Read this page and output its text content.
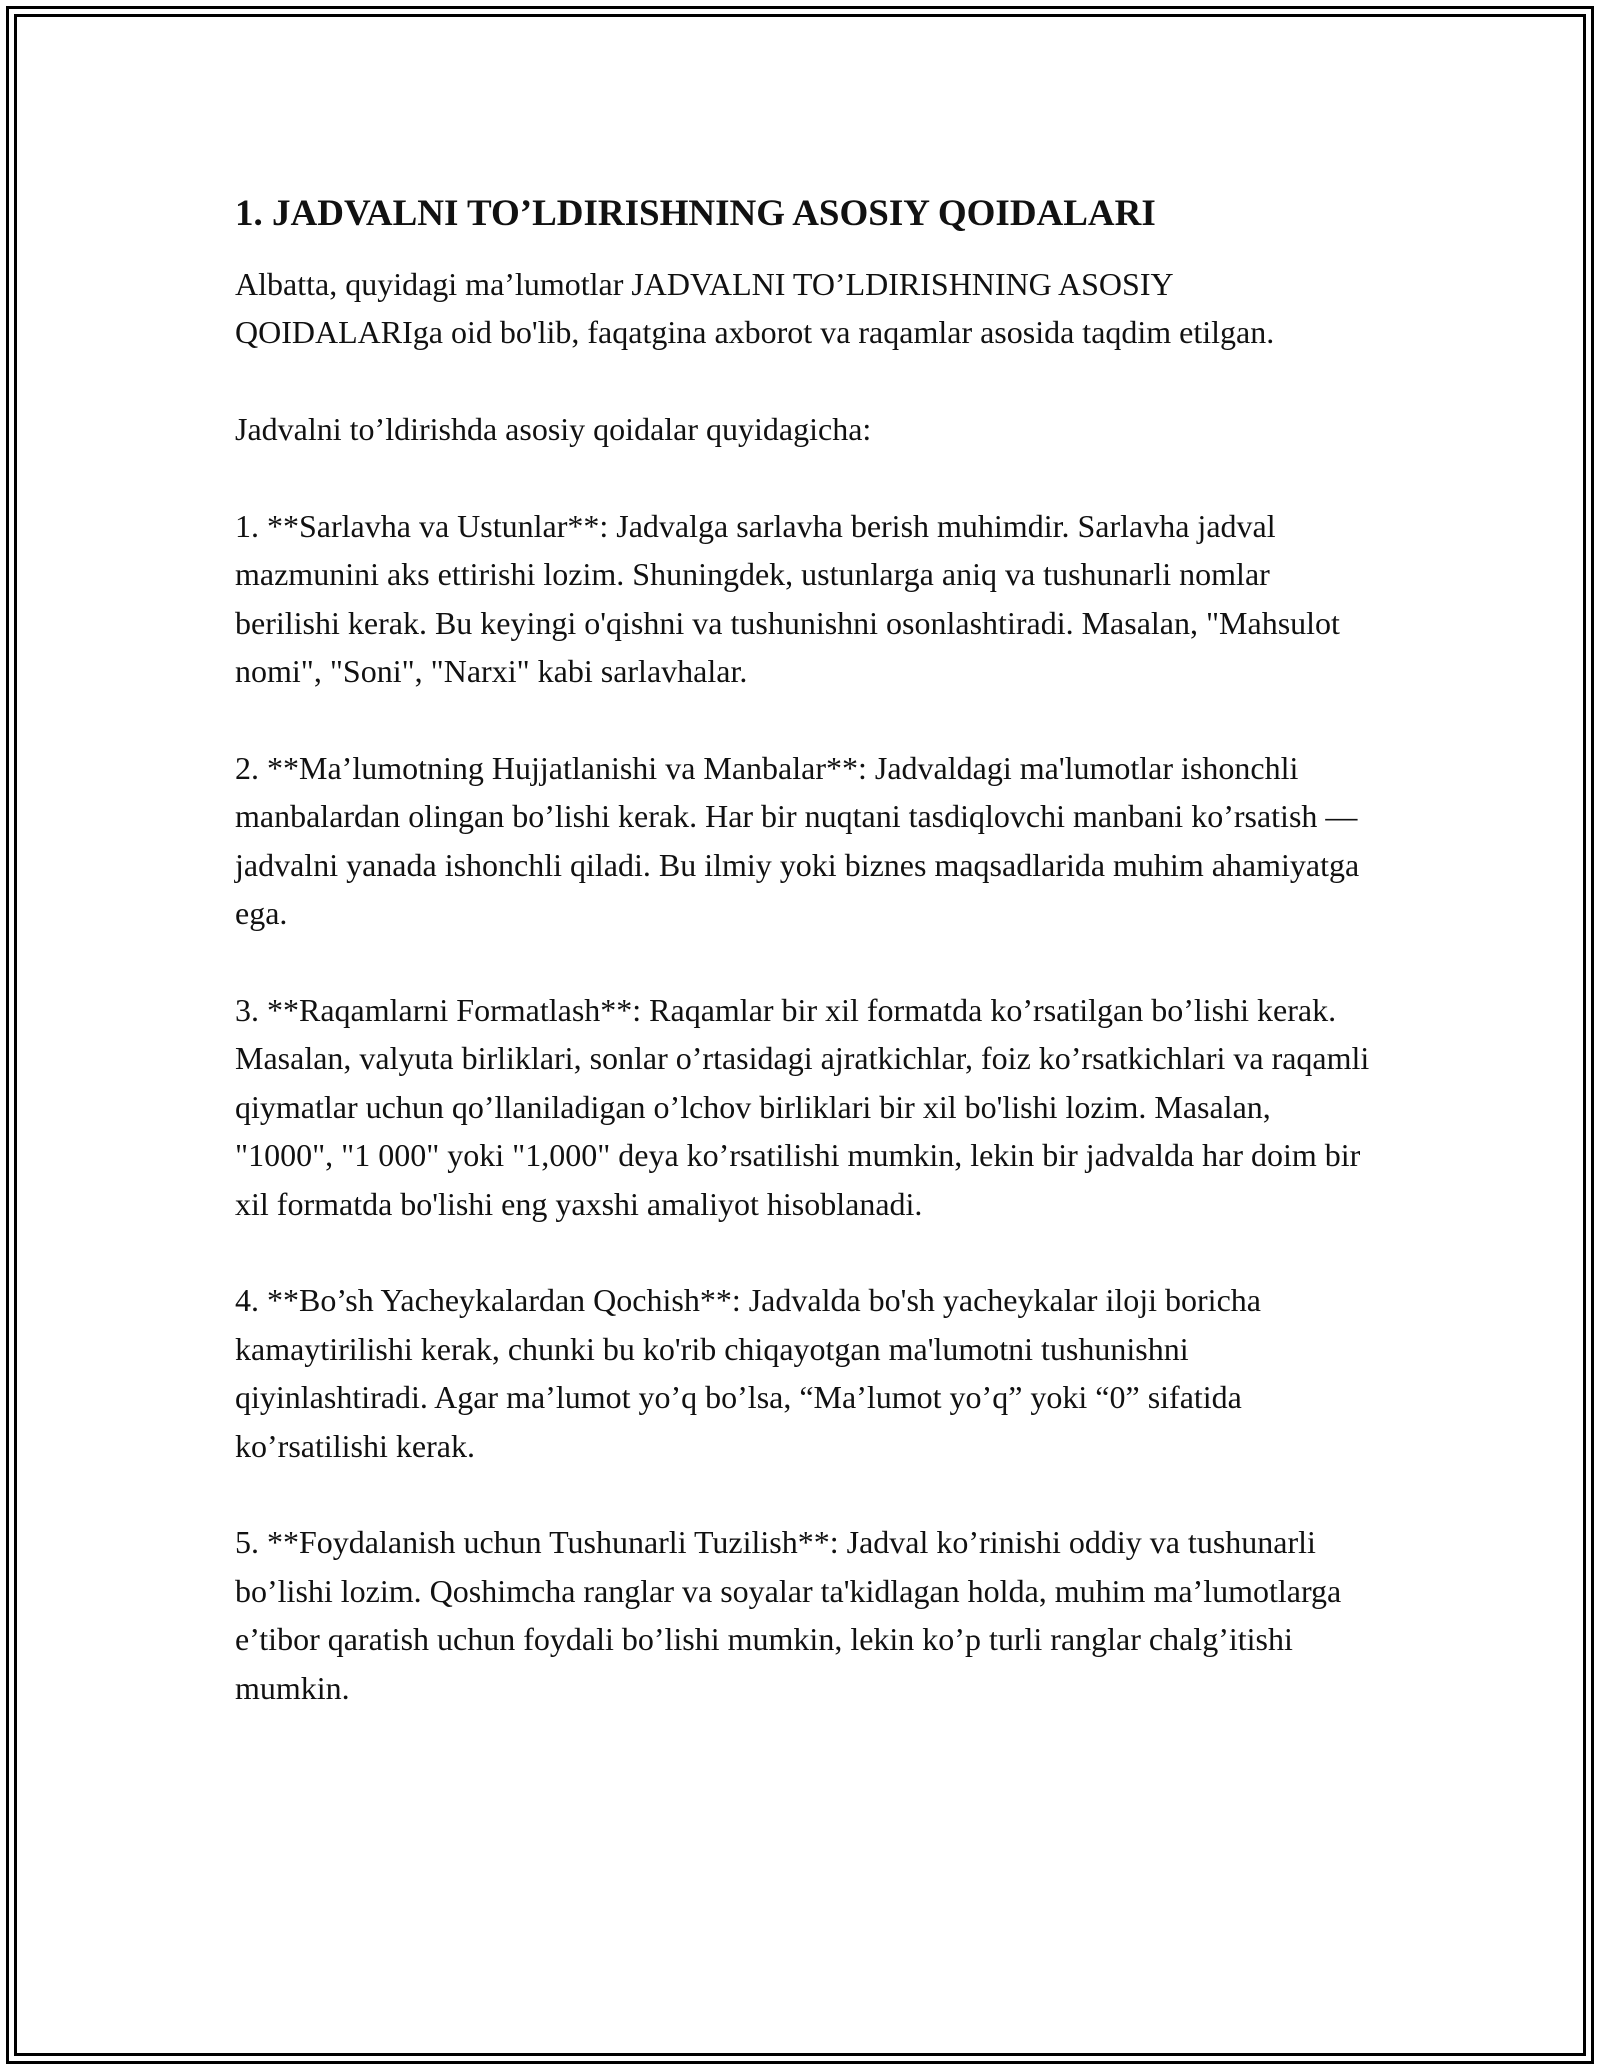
1. JADVALNI TO’LDIRISHNING ASOSIY QOIDALARI

Albatta, quyidagi ma’lumotlar JADVALNI TO’LDIRISHNING ASOSIY QOIDALARIga oid bo'lib, faqatgina axborot va raqamlar asosida taqdim etilgan.

Jadvalni to’ldirishda asosiy qoidalar quyidagicha:

1. **Sarlavha va Ustunlar**: Jadvalga sarlavha berish muhimdir. Sarlavha jadval mazmunini aks ettirishi lozim. Shuningdek, ustunlarga aniq va tushunarli nomlar berilishi kerak. Bu keyingi o'qishni va tushunishni osonlashtiradi. Masalan, "Mahsulot nomi", "Soni", "Narxi" kabi sarlavhalar.

2. **Ma’lumotning Hujjatlanishi va Manbalar**: Jadvaldagi ma'lumotlar ishonchli manbalardan olingan bo’lishi kerak. Har bir nuqtani tasdiqlovchi manbani ko’rsatish — jadvalni yanada ishonchli qiladi. Bu ilmiy yoki biznes maqsadlarida muhim ahamiyatga ega.

3. **Raqamlarni Formatlash**: Raqamlar bir xil formatda ko’rsatilgan bo’lishi kerak. Masalan, valyuta birliklari, sonlar o’rtasidagi ajratkichlar, foiz ko’rsatkichlari va raqamli qiymatlar uchun qo’llaniladigan o’lchov birliklari bir xil bo'lishi lozim. Masalan, "1000", "1 000" yoki "1,000" deya ko’rsatilishi mumkin, lekin bir jadvalda har doim bir xil formatda bo'lishi eng yaxshi amaliyot hisoblanadi.

4. **Bo’sh Yacheykalardan Qochish**: Jadvalda bo'sh yacheykalar iloji boricha kamaytirilishi kerak, chunki bu ko'rib chiqayotgan ma'lumotni tushunishni qiyinlashtiradi. Agar ma’lumot yo’q bo’lsa, “Ma’lumot yo’q” yoki “0” sifatida ko’rsatilishi kerak.

5. **Foydalanish uchun Tushunarli Tuzilish**: Jadval ko’rinishi oddiy va tushunarli bo’lishi lozim. Qoshimcha ranglar va soyalar ta'kidlagan holda, muhim ma’lumotlarga e’tibor qaratish uchun foydali bo’lishi mumkin, lekin ko’p turli ranglar chalg’itishi mumkin.
